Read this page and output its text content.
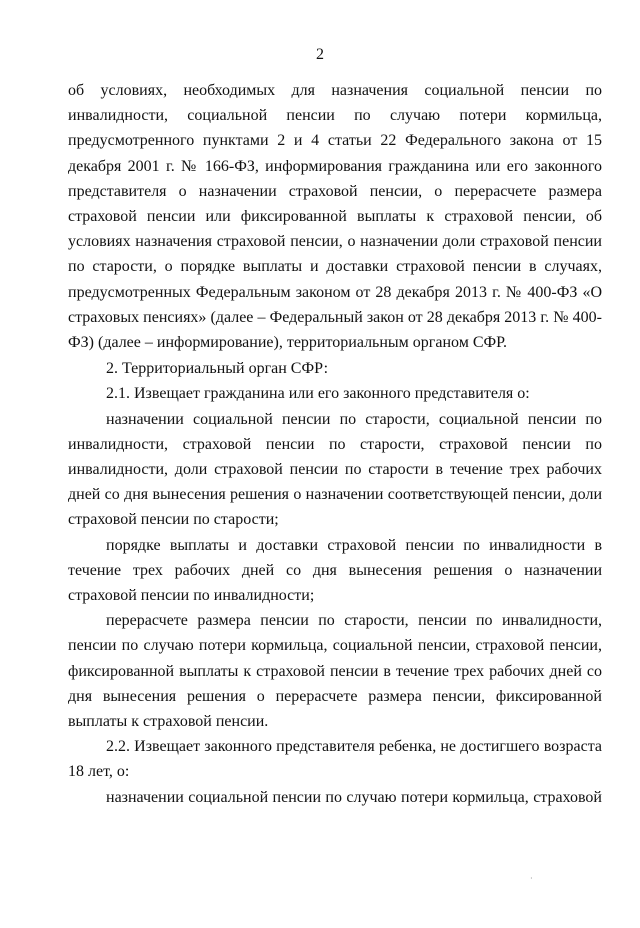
2

об условиях, необходимых для назначения социальной пенсии по инвалидности, социальной пенсии по случаю потери кормильца, предусмотренного пунктами 2 и 4 статьи 22 Федерального закона от 15 декабря 2001 г. № 166-ФЗ, информирования гражданина или его законного представителя о назначении страховой пенсии, о перерасчете размера страховой пенсии или фиксированной выплаты к страховой пенсии, об условиях назначения страховой пенсии, о назначении доли страховой пенсии по старости, о порядке выплаты и доставки страховой пенсии в случаях, предусмотренных Федеральным законом от 28 декабря 2013 г. № 400-ФЗ «О страховых пенсиях» (далее – Федеральный закон от 28 декабря 2013 г. № 400-ФЗ) (далее – информирование), территориальным органом СФР.

2. Территориальный орган СФР:

2.1. Извещает гражданина или его законного представителя о:

назначении социальной пенсии по старости, социальной пенсии по инвалидности, страховой пенсии по старости, страховой пенсии по инвалидности, доли страховой пенсии по старости в течение трех рабочих дней со дня вынесения решения о назначении соответствующей пенсии, доли страховой пенсии по старости;

порядке выплаты и доставки страховой пенсии по инвалидности в течение трех рабочих дней со дня вынесения решения о назначении страховой пенсии по инвалидности;

перерасчете размера пенсии по старости, пенсии по инвалидности, пенсии по случаю потери кормильца, социальной пенсии, страховой пенсии, фиксированной выплаты к страховой пенсии в течение трех рабочих дней со дня вынесения решения о перерасчете размера пенсии, фиксированной выплаты к страховой пенсии.

2.2. Извещает законного представителя ребенка, не достигшего возраста 18 лет, о:

назначении социальной пенсии по случаю потери кормильца, страховой

·
